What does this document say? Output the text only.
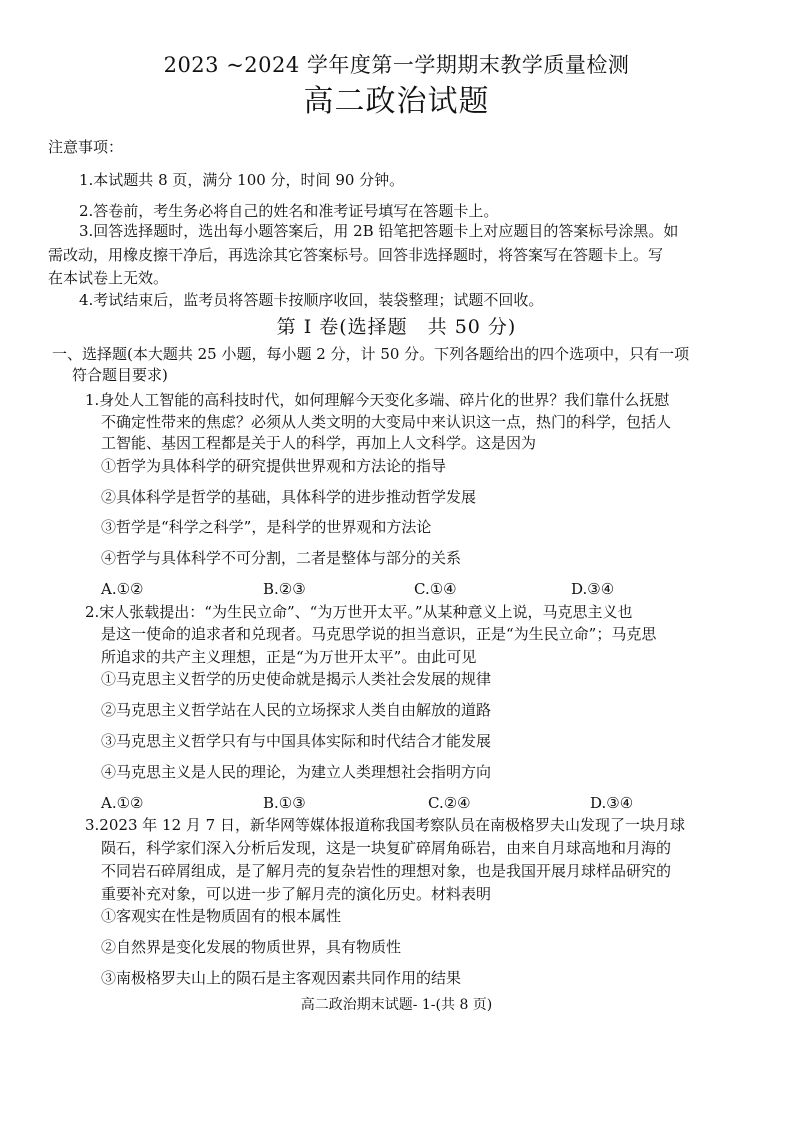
2023 ~2024 学年度第一学期期末教学质量检测
高二政治试题
注意事项：
1.本试题共 8 页，满分 100 分，时间 90 分钟。
2.答卷前，考生务必将自己的姓名和准考证号填写在答题卡上。
3.回答选择题时，选出每小题答案后，用 2B 铅笔把答题卡上对应题目的答案标号涂黑。如
需改动，用橡皮擦干净后，再选涂其它答案标号。回答非选择题时，将答案写在答题卡上。写
在本试卷上无效。
4.考试结束后，监考员将答题卡按顺序收回，装袋整理；试题不回收。
第 Ⅰ 卷(选择题　共 50 分)
一、选择题(本大题共 25 小题，每小题 2 分，计 50 分。下列各题给出的四个选项中，只有一项
符合题目要求)
1.身处人工智能的高科技时代，如何理解今天变化多端、碎片化的世界？我们靠什么抚慰
不确定性带来的焦虑？必须从人类文明的大变局中来认识这一点，热门的科学，包括人
工智能、基因工程都是关于人的科学，再加上人文科学。这是因为
①哲学为具体科学的研究提供世界观和方法论的指导
②具体科学是哲学的基础，具体科学的进步推动哲学发展
③哲学是“科学之科学”，是科学的世界观和方法论
④哲学与具体科学不可分割，二者是整体与部分的关系
A.①②	B.②③	C.①④	D.③④
2.宋人张载提出：“为生民立命”、“为万世开太平。”从某种意义上说，马克思主义也
是这一使命的追求者和兑现者。马克思学说的担当意识，正是“为生民立命”；马克思
所追求的共产主义理想，正是“为万世开太平”。由此可见
①马克思主义哲学的历史使命就是揭示人类社会发展的规律
②马克思主义哲学站在人民的立场探求人类自由解放的道路
③马克思主义哲学只有与中国具体实际和时代结合才能发展
④马克思主义是人民的理论，为建立人类理想社会指明方向
A.①②	B.①③	C.②④	D.③④
3.2023 年 12 月 7 日，新华网等媒体报道称我国考察队员在南极格罗夫山发现了一块月球
陨石，科学家们深入分析后发现，这是一块复矿碎屑角砾岩，由来自月球高地和月海的
不同岩石碎屑组成，是了解月壳的复杂岩性的理想对象，也是我国开展月球样品研究的
重要补充对象，可以进一步了解月壳的演化历史。材料表明
①客观实在性是物质固有的根本属性
②自然界是变化发展的物质世界，具有物质性
③南极格罗夫山上的陨石是主客观因素共同作用的结果
高二政治期末试题- 1-(共 8 页)
